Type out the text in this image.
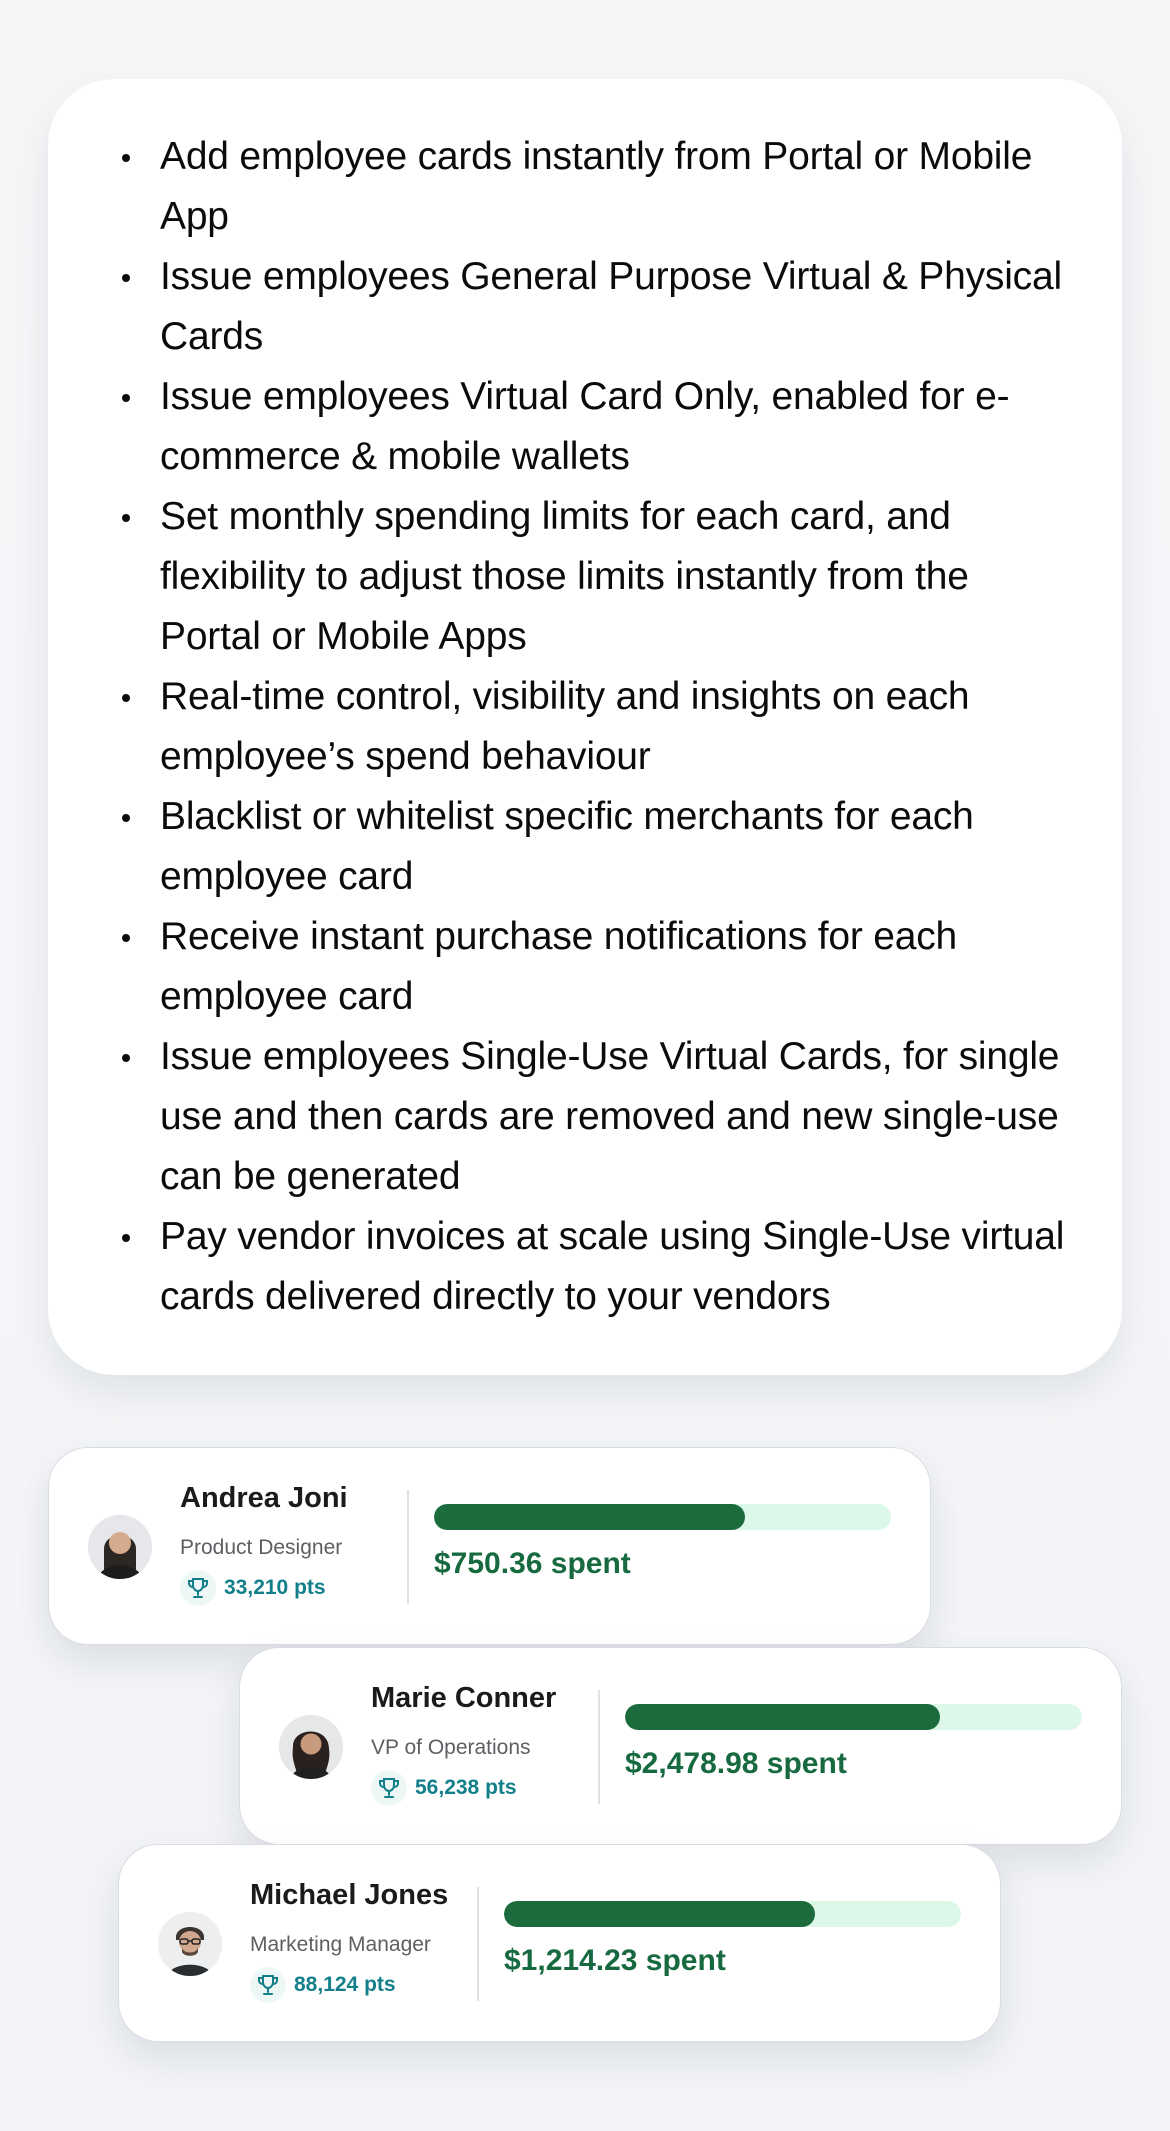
Add employee cards instantly from Portal or Mobile App
Issue employees General Purpose Virtual & Physical Cards
Issue employees Virtual Card Only, enabled for e-commerce & mobile wallets
Set monthly spending limits for each card, and flexibility to adjust those limits instantly from the Portal or Mobile Apps
Real-time control, visibility and insights on each employee’s spend behaviour
Blacklist or whitelist specific merchants for each employee card
Receive instant purchase notifications for each employee card
Issue employees Single-Use Virtual Cards, for single use and then cards are removed and new single-use can be generated
Pay vendor invoices at scale using Single-Use virtual cards delivered directly to your vendors
Andrea Joni
Product Designer
33,210 pts
$750.36 spent
Marie Conner
VP of Operations
56,238 pts
$2,478.98 spent
Michael Jones
Marketing Manager
88,124 pts
$1,214.23 spent
